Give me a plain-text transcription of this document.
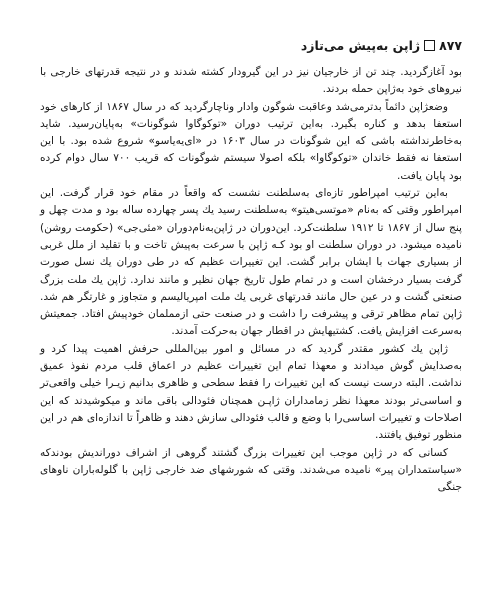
۸۷۷
ژاپن بەپیش می‌تازد

بود آغازگردید. چند تن از خارجیان نیز در این گیرودار کشته شدند و در نتیجه قدرتهای خارجی با نیروهای خود بەژاپن حمله بردند.

وضعژاپن دائماً بدترمی‌شد وعاقبت شوگون وادار وناچارگردید که در سال ۱۸۶۷ از کارهای خود استعفا بدهد و کناره بگیرد. بەاین ترتیب دوران «توکوگاوا شوگونات» بەپایان‌رسید. شاید بەخاطرنداشته باشی که این شوگونات در سال ۱۶۰۳ در «ای‌یەیاسو» شروع شده بود. با این استعفا نه فقط خاندان «توکوگاوا» بلکه اصولا سیستم شوگونات که قریب ۷۰۰ سال دوام کرده بود پایان یافت.

بەاین ترتیب امپراطور تازه‌ای بەسلطنت نشست که واقعاً در مقام خود قرار گرفت. این امپراطور وقتی که بەنام «موتسی‌هیتو» بەسلطنت رسید یك پسر چهارده ساله بود و مدت چهل و پنج سال از ۱۸۶۷ تا ۱۹۱۲ سلطنت‌کرد. این‌دوران در ژاپن‌بەنام‌دوران «مئی‌جی» (حکومت روشن) نامیده میشود. در دوران سلطنت او بود کـه ژاپن با سرعت بەپیش تاخت و با تقلید از ملل غربی از بسیاری جهات با ایشان برابر گشت. این تغییرات عظیم که در طی دوران یك نسل صورت گرفت بسیار درخشان است و در تمام طول تاریخ جهان نظیر و مانند ندارد. ژاپن یك ملت بزرگ صنعتی گشت و در عین حال مانند قدرتهای غربی یك ملت امپریالیسم و متجاوز و غارتگر هم شد. ژاپن تمام مظاهر ترقی و پیشرفت را داشت و در صنعت حتی ازمملمان خودپیش افتاد. جمعیتش بەسرعت افزایش یافت. کشتیهایش در اقطار جهان بەحرکت آمدند.

ژاپن یك کشور مقتدر گردید که در مسائل و امور بین‌المللی حرفش اهمیت پیدا کرد و بەصدایش گوش میدادند و معهذا تمام این تغییرات عظیم در اعماق قلب مردم نفوذ عمیق نداشت. البته درست نیست که این تغییرات را فقط سطحی و ظاهری بدانیم زیـرا خیلی واقعی‌تر و اساسی‌تر بودند معهذا نظر زمامداران ژاپـن همچنان فئودالی باقی ماند و میکوشیدند که این اصلاحات و تغییرات اساسی‌را با وضع و قالب فئودالی سازش دهند و ظاهراً تا اندازه‌ای هم در این منظور توفیق یافتند.

کسانی که در ژاپن موجب این تغییرات بزرگ گشتند گروهی از اشراف دوراندیش بودندکه «سیاستمداران پیر» نامیده می‌شدند. وقتی که شورشهای ضد خارجی ژاپن با گلوله‌باران ناوهای جنگی
